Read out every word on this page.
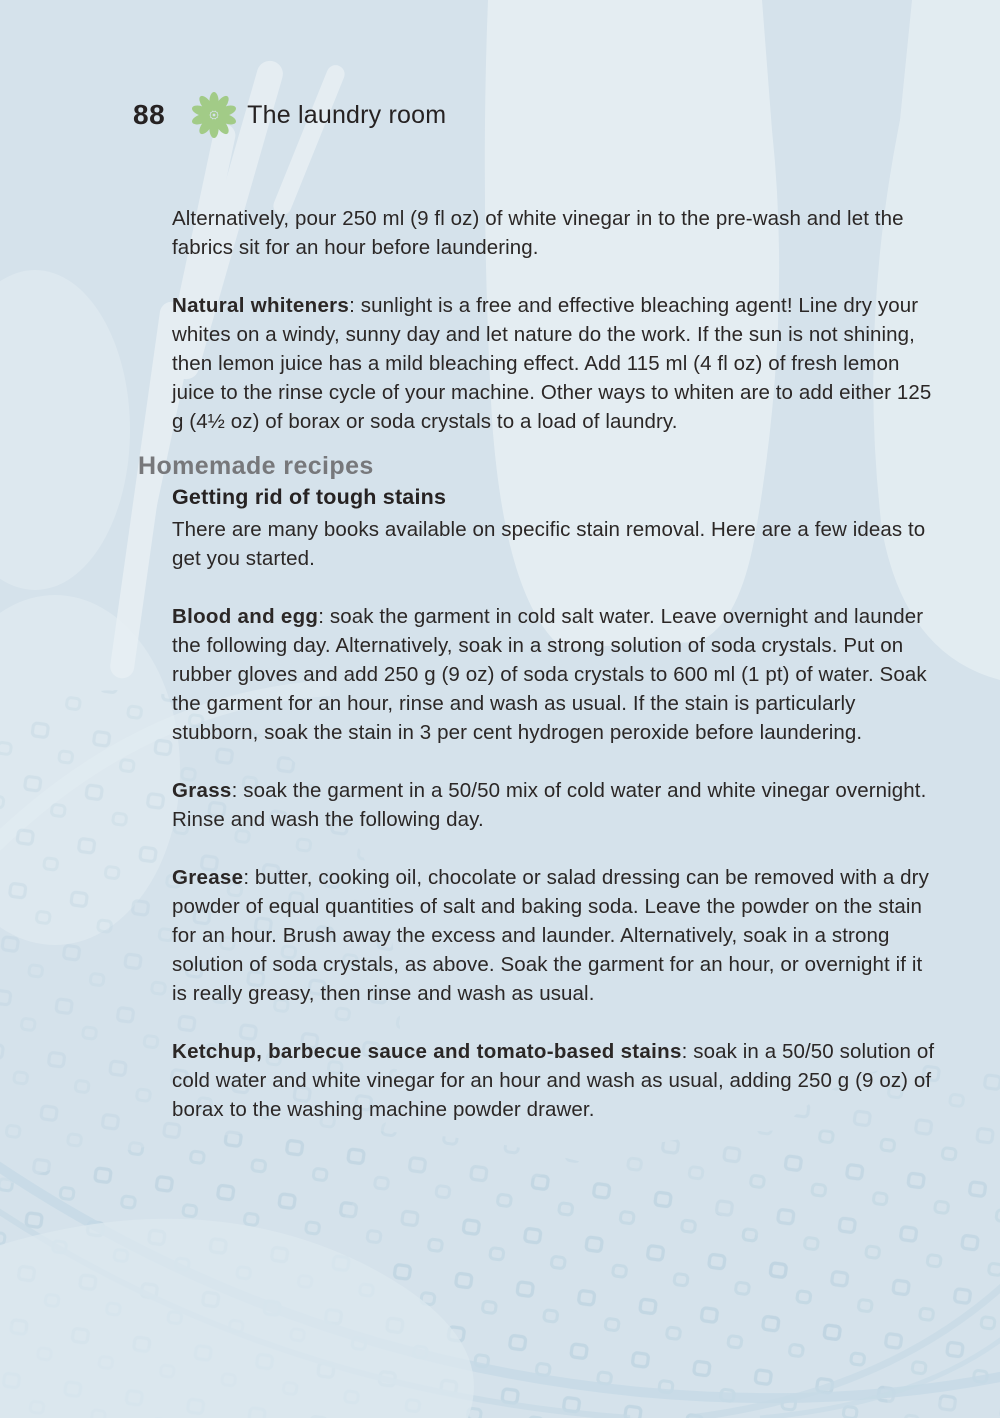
88	The laundry room

Alternatively, pour 250 ml (9 fl oz) of white vinegar in to the pre-wash and let the fabrics sit for an hour before laundering.

Natural whiteners: sunlight is a free and effective bleaching agent! Line dry your whites on a windy, sunny day and let nature do the work. If the sun is not shining, then lemon juice has a mild bleaching effect. Add 115 ml (4 fl oz) of fresh lemon juice to the rinse cycle of your machine. Other ways to whiten are to add either 125 g (4½ oz) of borax or soda crystals to a load of laundry.

Homemade recipes
Getting rid of tough stains

There are many books available on specific stain removal. Here are a few ideas to get you started.

Blood and egg: soak the garment in cold salt water. Leave overnight and launder the following day. Alternatively, soak in a strong solution of soda crystals. Put on rubber gloves and add 250 g (9 oz) of soda crystals to 600 ml (1 pt) of water. Soak the garment for an hour, rinse and wash as usual. If the stain is particularly stubborn, soak the stain in 3 per cent hydrogen peroxide before laundering.

Grass: soak the garment in a 50/50 mix of cold water and white vinegar overnight. Rinse and wash the following day.

Grease: butter, cooking oil, chocolate or salad dressing can be removed with a dry powder of equal quantities of salt and baking soda. Leave the powder on the stain for an hour. Brush away the excess and launder. Alternatively, soak in a strong solution of soda crystals, as above. Soak the garment for an hour, or overnight if it is really greasy, then rinse and wash as usual.

Ketchup, barbecue sauce and tomato-based stains: soak in a 50/50 solution of cold water and white vinegar for an hour and wash as usual, adding 250 g (9 oz) of borax to the washing machine powder drawer.
